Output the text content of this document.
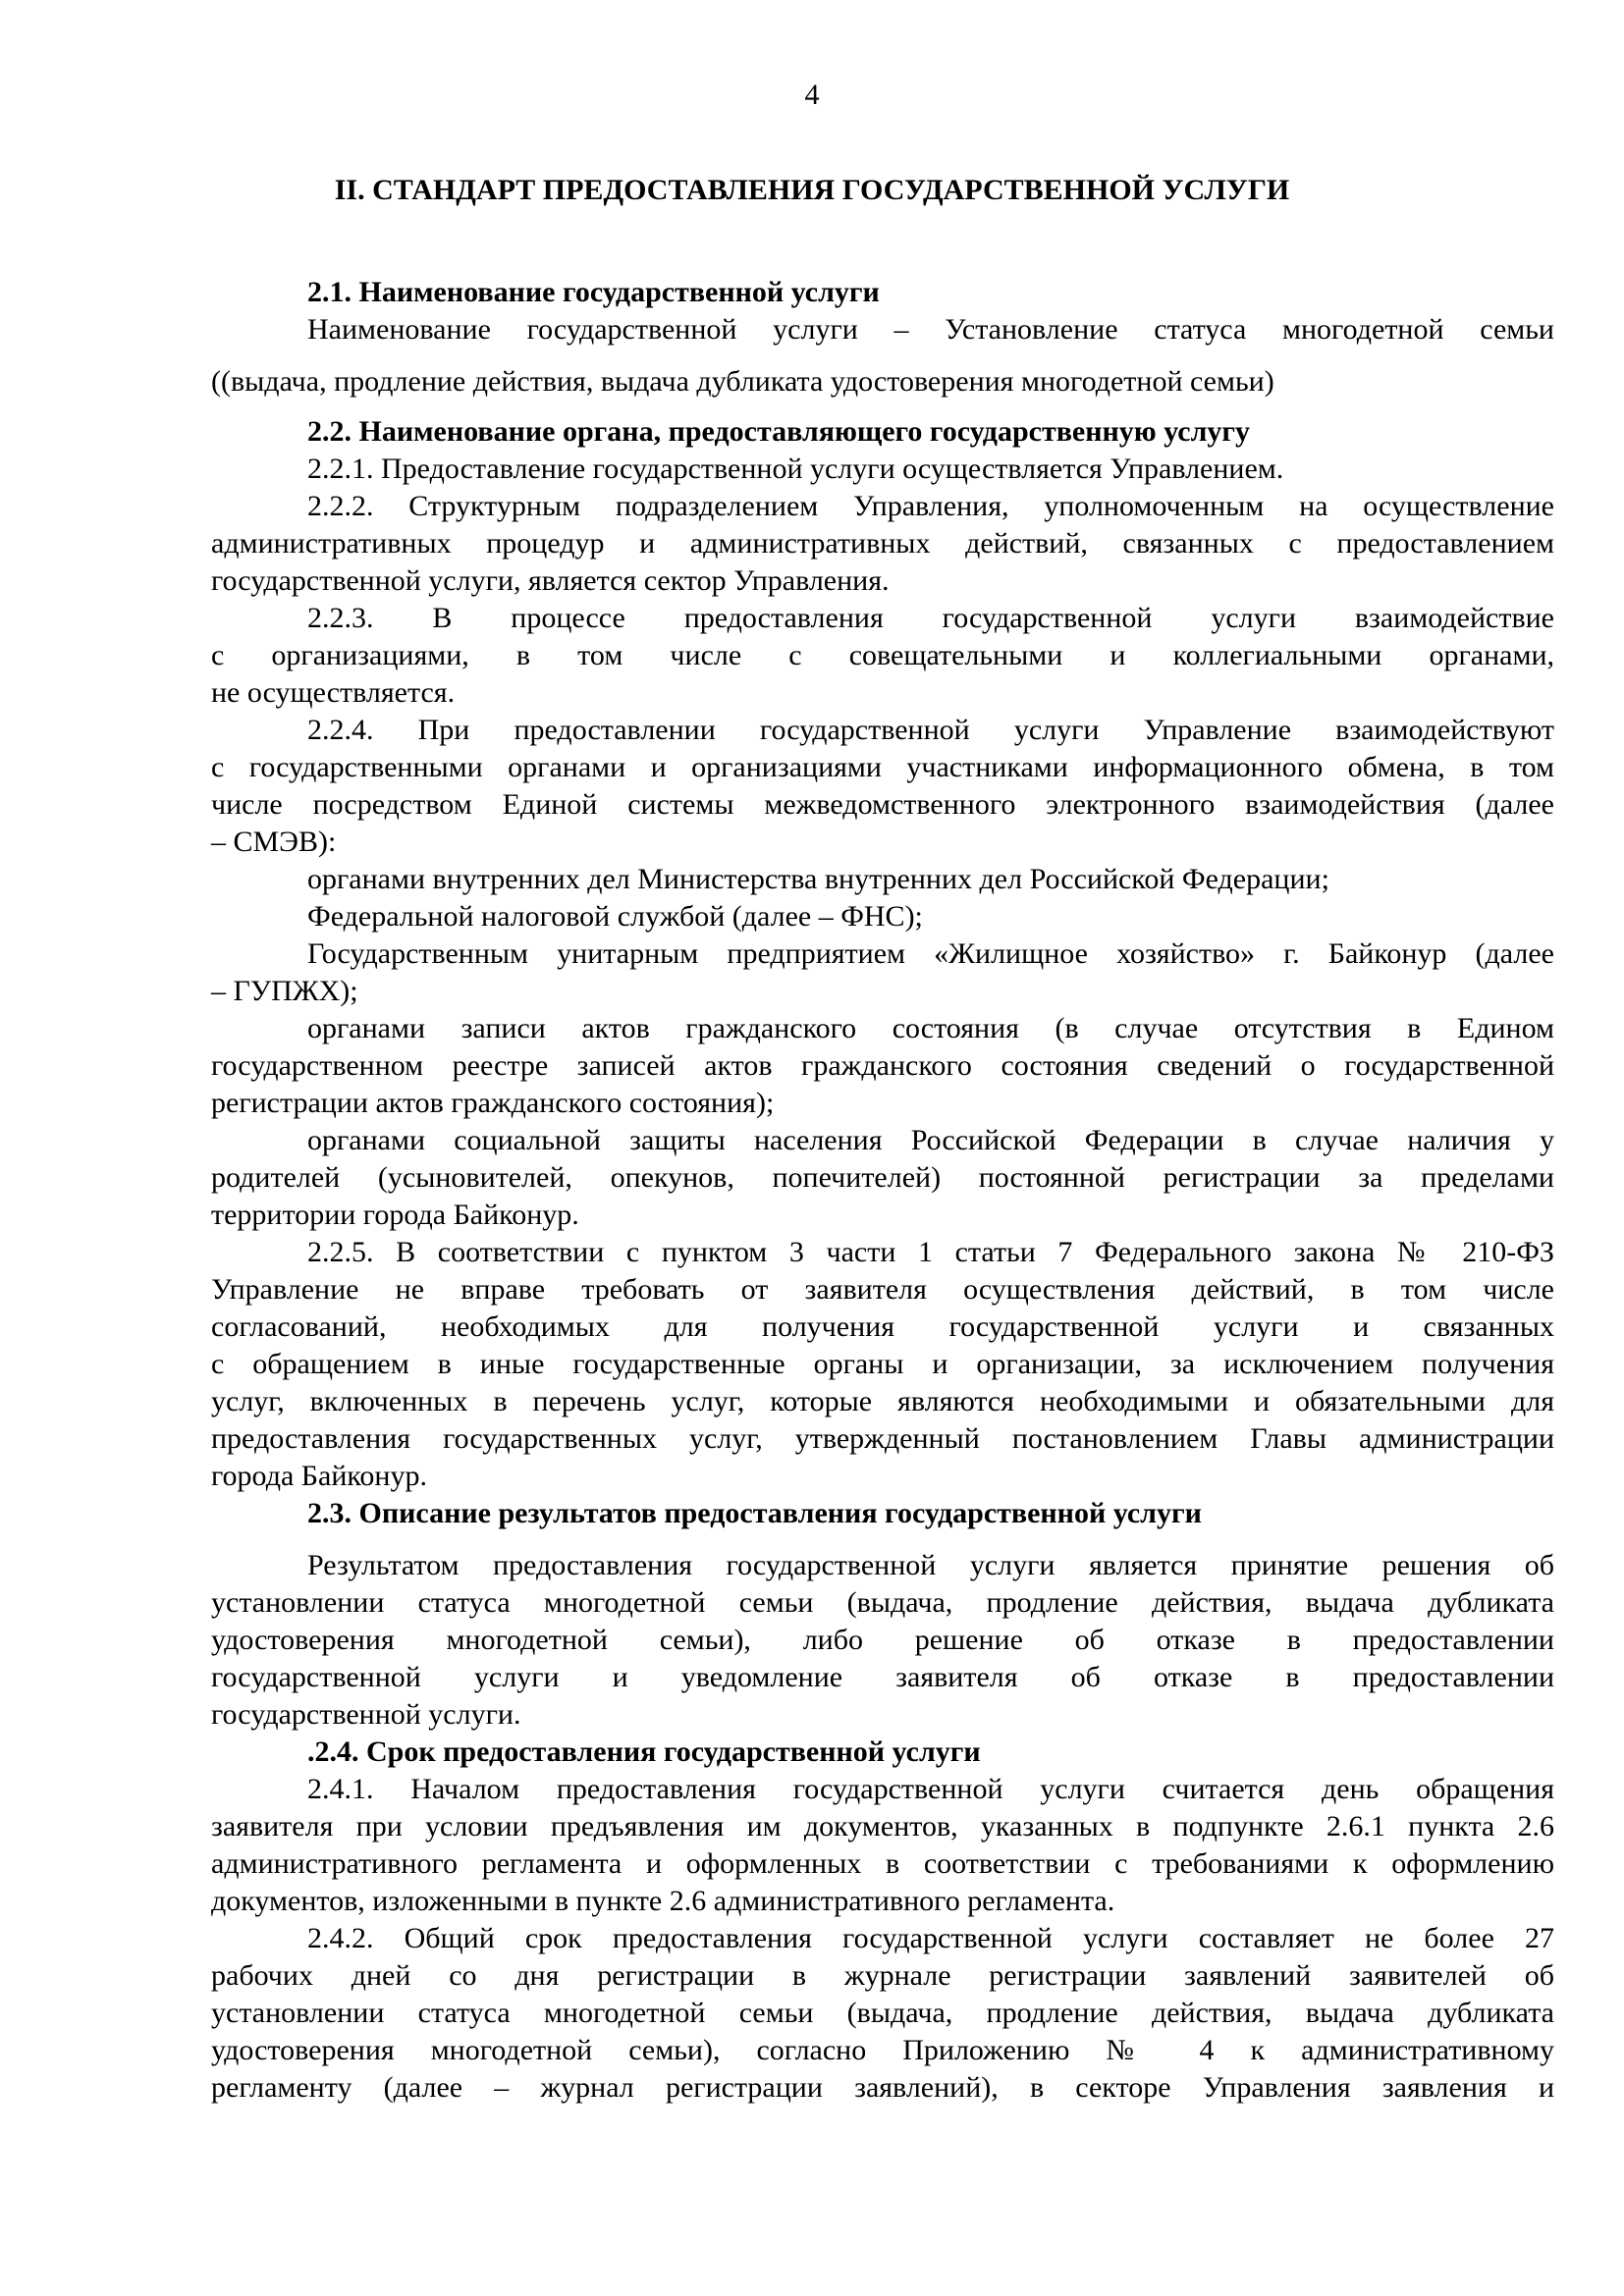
4
II. СТАНДАРТ ПРЕДОСТАВЛЕНИЯ ГОСУДАРСТВЕННОЙ УСЛУГИ
2.1. Наименование государственной услуги
Наименование государственной услуги – Установление статуса многодетной семьи
((выдача, продление действия, выдача дубликата удостоверения многодетной семьи)
2.2. Наименование органа, предоставляющего государственную услугу
2.2.1. Предоставление государственной услуги осуществляется Управлением.
2.2.2. Структурным подразделением Управления, уполномоченным на осуществление
административных процедур и административных действий, связанных с предоставлением
государственной услуги, является сектор Управления.
2.2.3. В процессе предоставления государственной услуги взаимодействие
с организациями, в том числе с совещательными и коллегиальными органами,
не осуществляется.
2.2.4. При предоставлении государственной услуги Управление взаимодействуют
с государственными органами и организациями участниками информационного обмена, в том
числе посредством Единой системы межведомственного электронного взаимодействия (далее
– СМЭВ):
органами внутренних дел Министерства внутренних дел Российской Федерации;
Федеральной налоговой службой (далее – ФНС);
Государственным унитарным предприятием «Жилищное хозяйство» г. Байконур (далее
– ГУПЖХ);
органами записи актов гражданского состояния (в случае отсутствия в Едином
государственном реестре записей актов гражданского состояния сведений о государственной
регистрации актов гражданского состояния);
органами социальной защиты населения Российской Федерации в случае наличия у
родителей (усыновителей, опекунов, попечителей) постоянной регистрации за пределами
территории города Байконур.
2.2.5. В соответствии с пунктом 3 части 1 статьи 7 Федерального закона № 210-ФЗ
Управление не вправе требовать от заявителя осуществления действий, в том числе
согласований, необходимых для получения государственной услуги и связанных
с обращением в иные государственные органы и организации, за исключением получения
услуг, включенных в перечень услуг, которые являются необходимыми и обязательными для
предоставления государственных услуг, утвержденный постановлением Главы администрации
города Байконур.
2.3. Описание результатов предоставления государственной услуги
Результатом предоставления государственной услуги является принятие решения об
установлении статуса многодетной семьи (выдача, продление действия, выдача дубликата
удостоверения многодетной семьи), либо решение об отказе в предоставлении
государственной услуги и уведомление заявителя об отказе в предоставлении
государственной услуги.
.2.4. Срок предоставления государственной услуги
2.4.1. Началом предоставления государственной услуги считается день обращения
заявителя при условии предъявления им документов, указанных в подпункте 2.6.1 пункта 2.6
административного регламента и оформленных в соответствии с требованиями к оформлению
документов, изложенными в пункте 2.6 административного регламента.
2.4.2. Общий срок предоставления государственной услуги составляет не более 27
рабочих дней со дня регистрации в журнале регистрации заявлений заявителей об
установлении статуса многодетной семьи (выдача, продление действия, выдача дубликата
удостоверения многодетной семьи), согласно Приложению № 4 к административному
регламенту (далее – журнал регистрации заявлений), в секторе Управления заявления и
